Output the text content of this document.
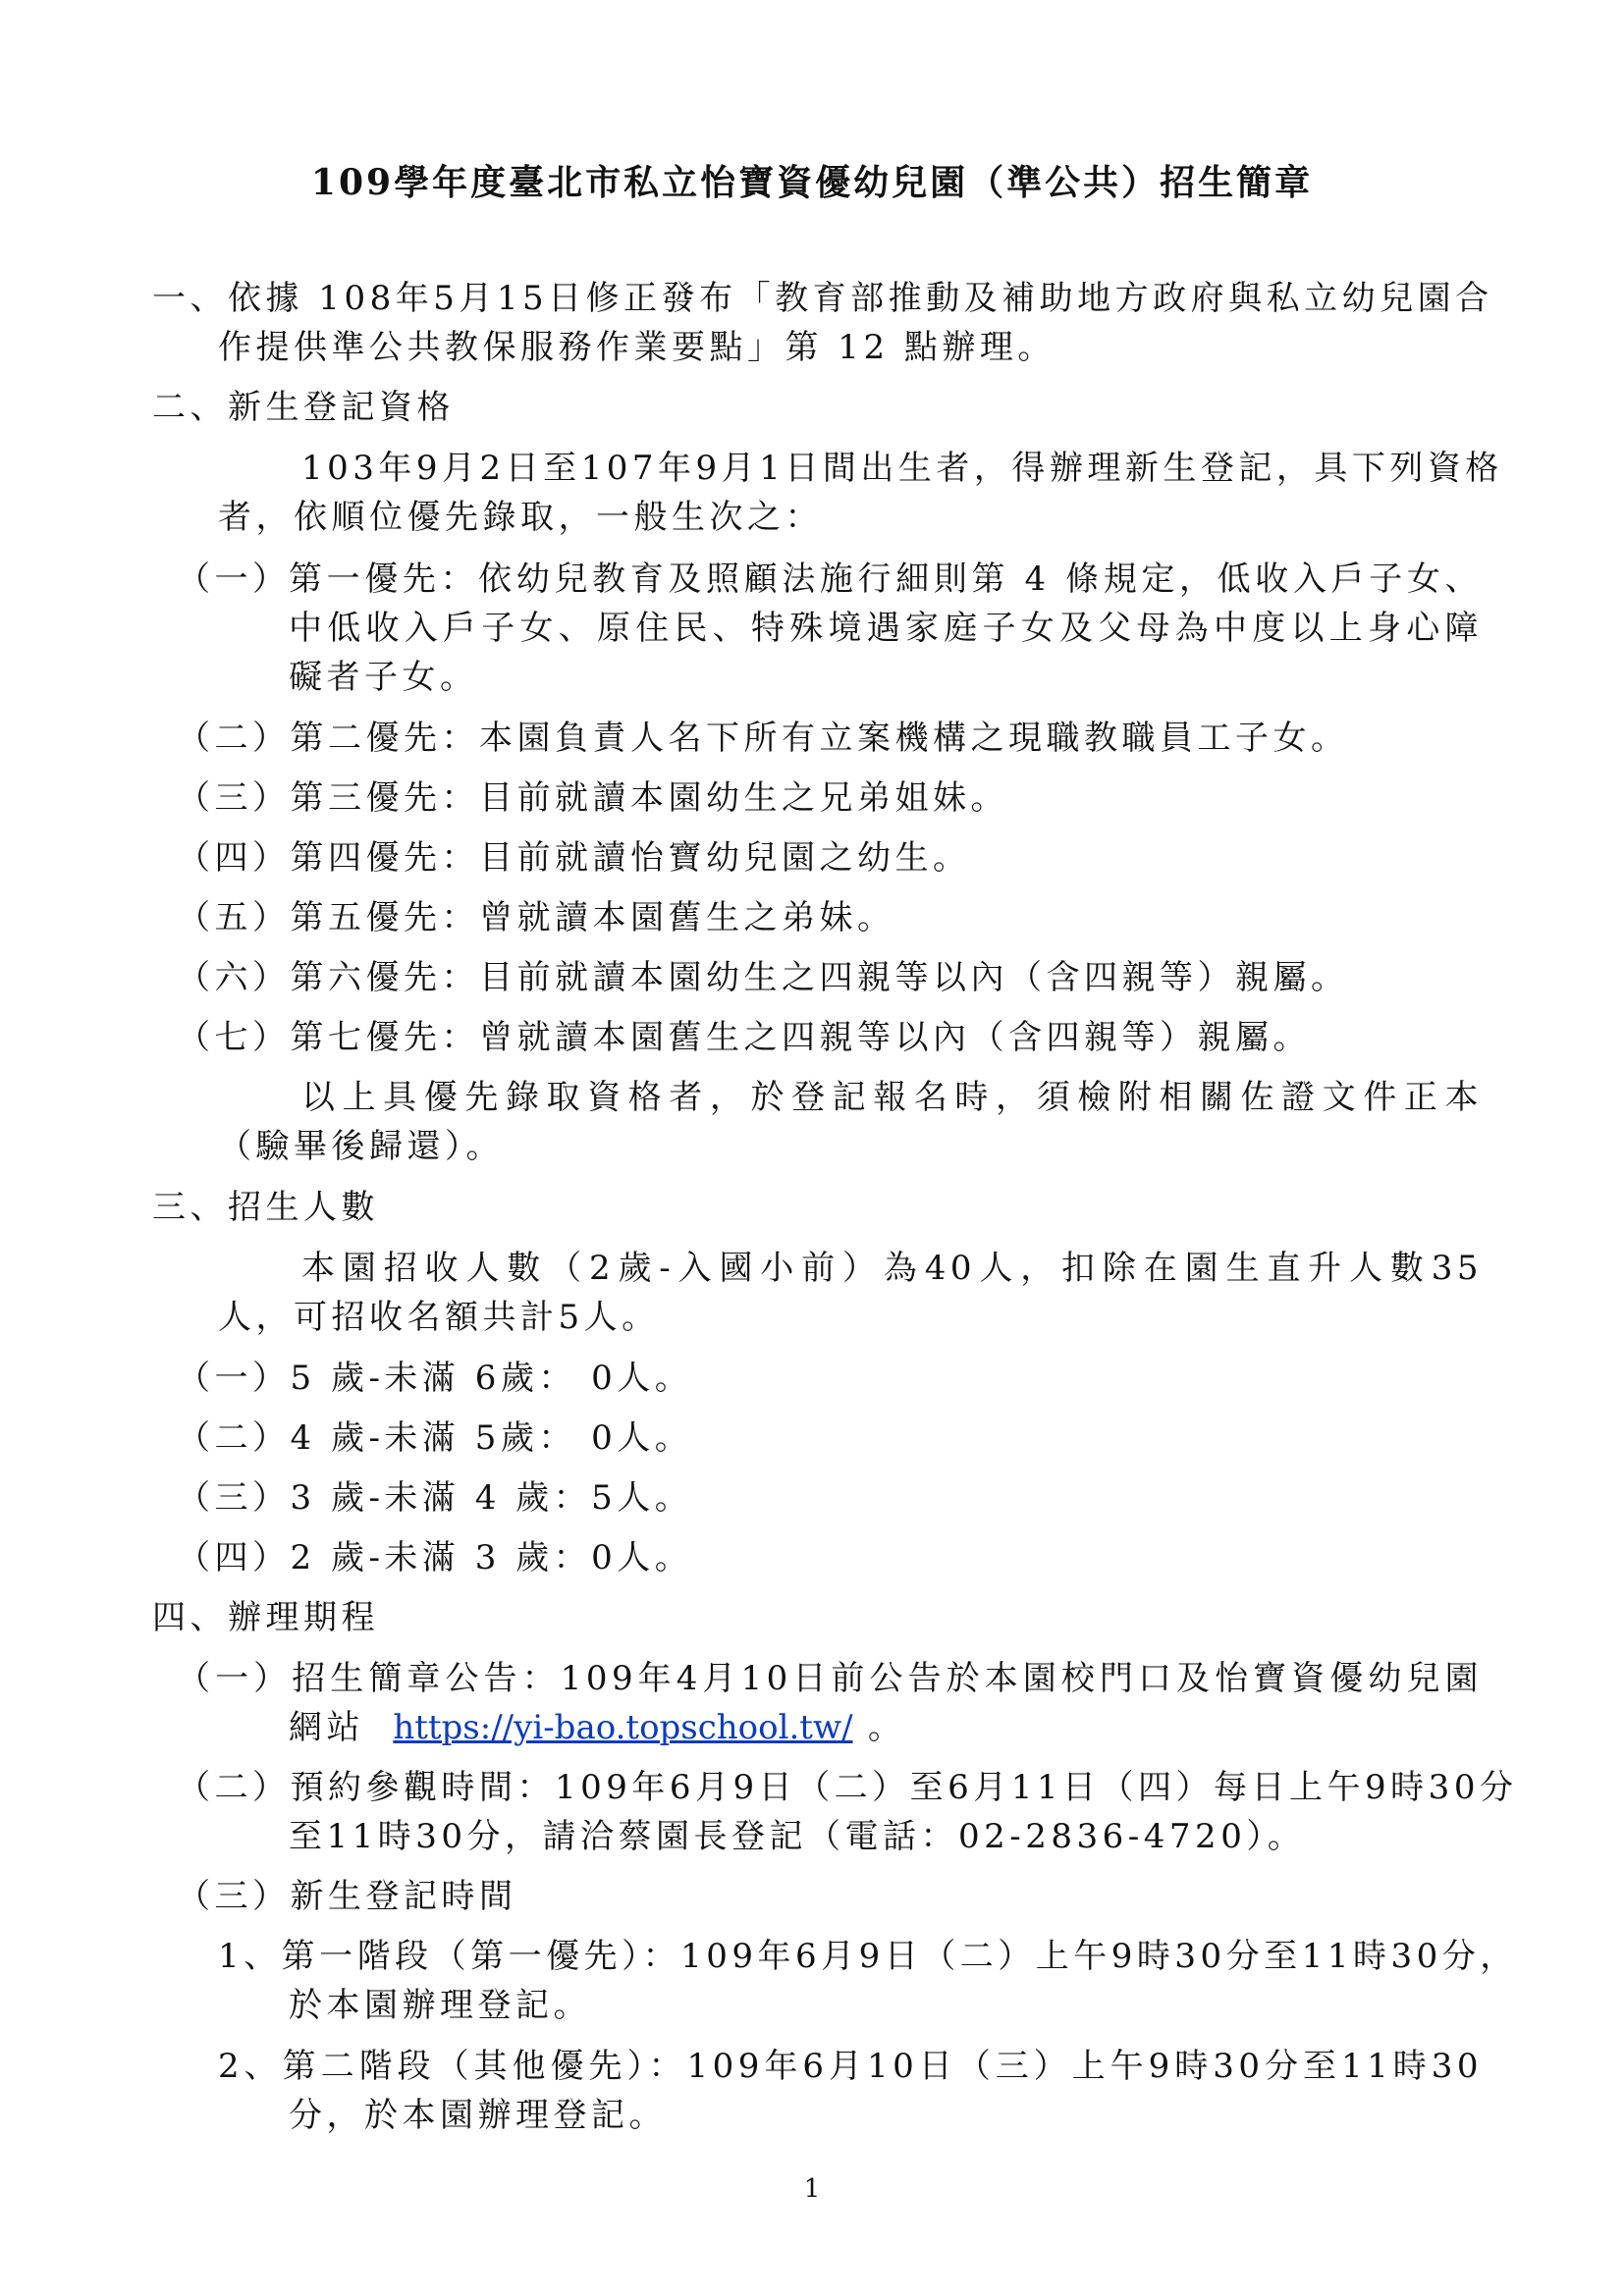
109學年度臺北市私立怡寶資優幼兒園（準公共）招生簡章
一、依據 108年5月15日修正發布「教育部推動及補助地方政府與私立幼兒園合
作提供準公共教保服務作業要點」第 12 點辦理。
二、新生登記資格
103年9月2日至107年9月1日間出生者，得辦理新生登記，具下列資格
者，依順位優先錄取，一般生次之：
（一）
第一優先：依幼兒教育及照顧法施行細則第 4 條規定，低收入戶子女、
中低收入戶子女、原住民、特殊境遇家庭子女及父母為中度以上身心障
礙者子女。
（二）第二優先：本園負責人名下所有立案機構之現職教職員工子女。
（三）第三優先：目前就讀本園幼生之兄弟姐妹。
（四）第四優先：目前就讀怡寶幼兒園之幼生。
（五）第五優先：曾就讀本園舊生之弟妹。
（六）第六優先：目前就讀本園幼生之四親等以內（含四親等）親屬。
（七）第七優先：曾就讀本園舊生之四親等以內（含四親等）親屬。
以上具優先錄取資格者，於登記報名時，須檢附相關佐證文件正本
（驗畢後歸還）。
三、招生人數
本園招收人數（2歲-入國小前）為40人，扣除在園生直升人數35
人，可招收名額共計5人。
（一）5 歲-未滿 6歲： 0人。
（二）4 歲-未滿 5歲： 0人。
（三）3 歲-未滿 4 歲：5人。
（四）2 歲-未滿 3 歲：0人。
四、辦理期程
（一）招生簡章公告：109年4月10日前公告於本園校門口及怡寶資優幼兒園
網站 https://yi-bao.topschool.tw/ 。
（二）預約參觀時間：109年6月9日（二）至6月11日（四）每日上午9時30分
至11時30分，請洽蔡園長登記（電話：02-2836-4720）。
（三）新生登記時間
1、第一階段（第一優先）：109年6月9日（二）上午9時30分至11時30分，
於本園辦理登記。
2、第二階段（其他優先）：109年6月10日（三）上午9時30分至11時30
分，於本園辦理登記。
1
